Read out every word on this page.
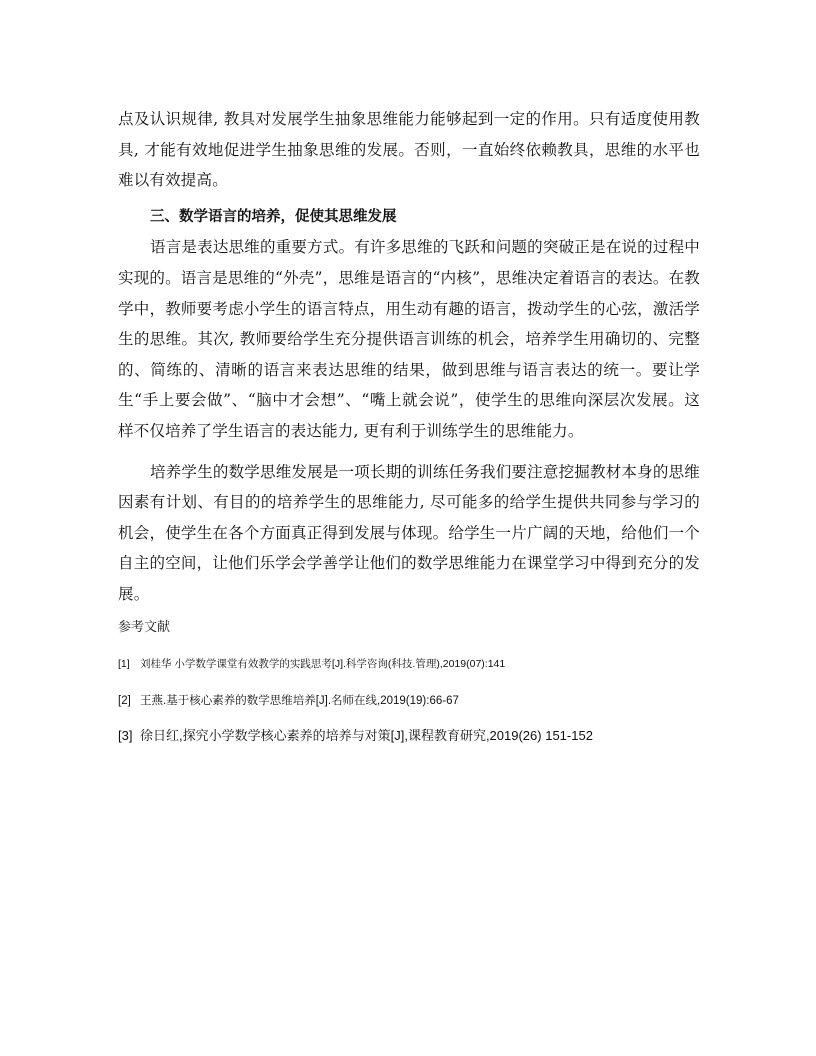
点及认识规律, 教具对发展学生抽象思维能力能够起到一定的作用。只有适度使用教具, 才能有效地促进学生抽象思维的发展。否则，一直始终依赖教具，思维的水平也难以有效提高。

三、数学语言的培养，促使其思维发展

语言是表达思维的重要方式。有许多思维的飞跃和问题的突破正是在说的过程中实现的。语言是思维的“外壳”，思维是语言的“内核”，思维决定着语言的表达。在教学中，教师要考虑小学生的语言特点，用生动有趣的语言，拨动学生的心弦，激活学生的思维。其次, 教师要给学生充分提供语言训练的机会，培养学生用确切的、完整的、简练的、清晰的语言来表达思维的结果，做到思维与语言表达的统一。要让学生“手上要会做”、“脑中才会想”、“嘴上就会说”，使学生的思维向深层次发展。这样不仅培养了学生语言的表达能力, 更有利于训练学生的思维能力。

培养学生的数学思维发展是一项长期的训练任务我们要注意挖掘教材本身的思维因素有计划、有目的的培养学生的思维能力, 尽可能多的给学生提供共同参与学习的机会，使学生在各个方面真正得到发展与体现。给学生一片广阔的天地，给他们一个自主的空间，让他们乐学会学善学让他们的数学思维能力在课堂学习中得到充分的发展。

参考文献

[1] 刘桂华 小学数学课堂有效教学的实践思考[J].科学咨询(科技.管理),2019(07):141

[2] 王燕.基于核心素养的数学思维培养[J].名师在线,2019(19):66-67

[3] 徐日红,探究小学数学核心素养的培养与对策[J],课程教育研究,2019(26) 151-152
